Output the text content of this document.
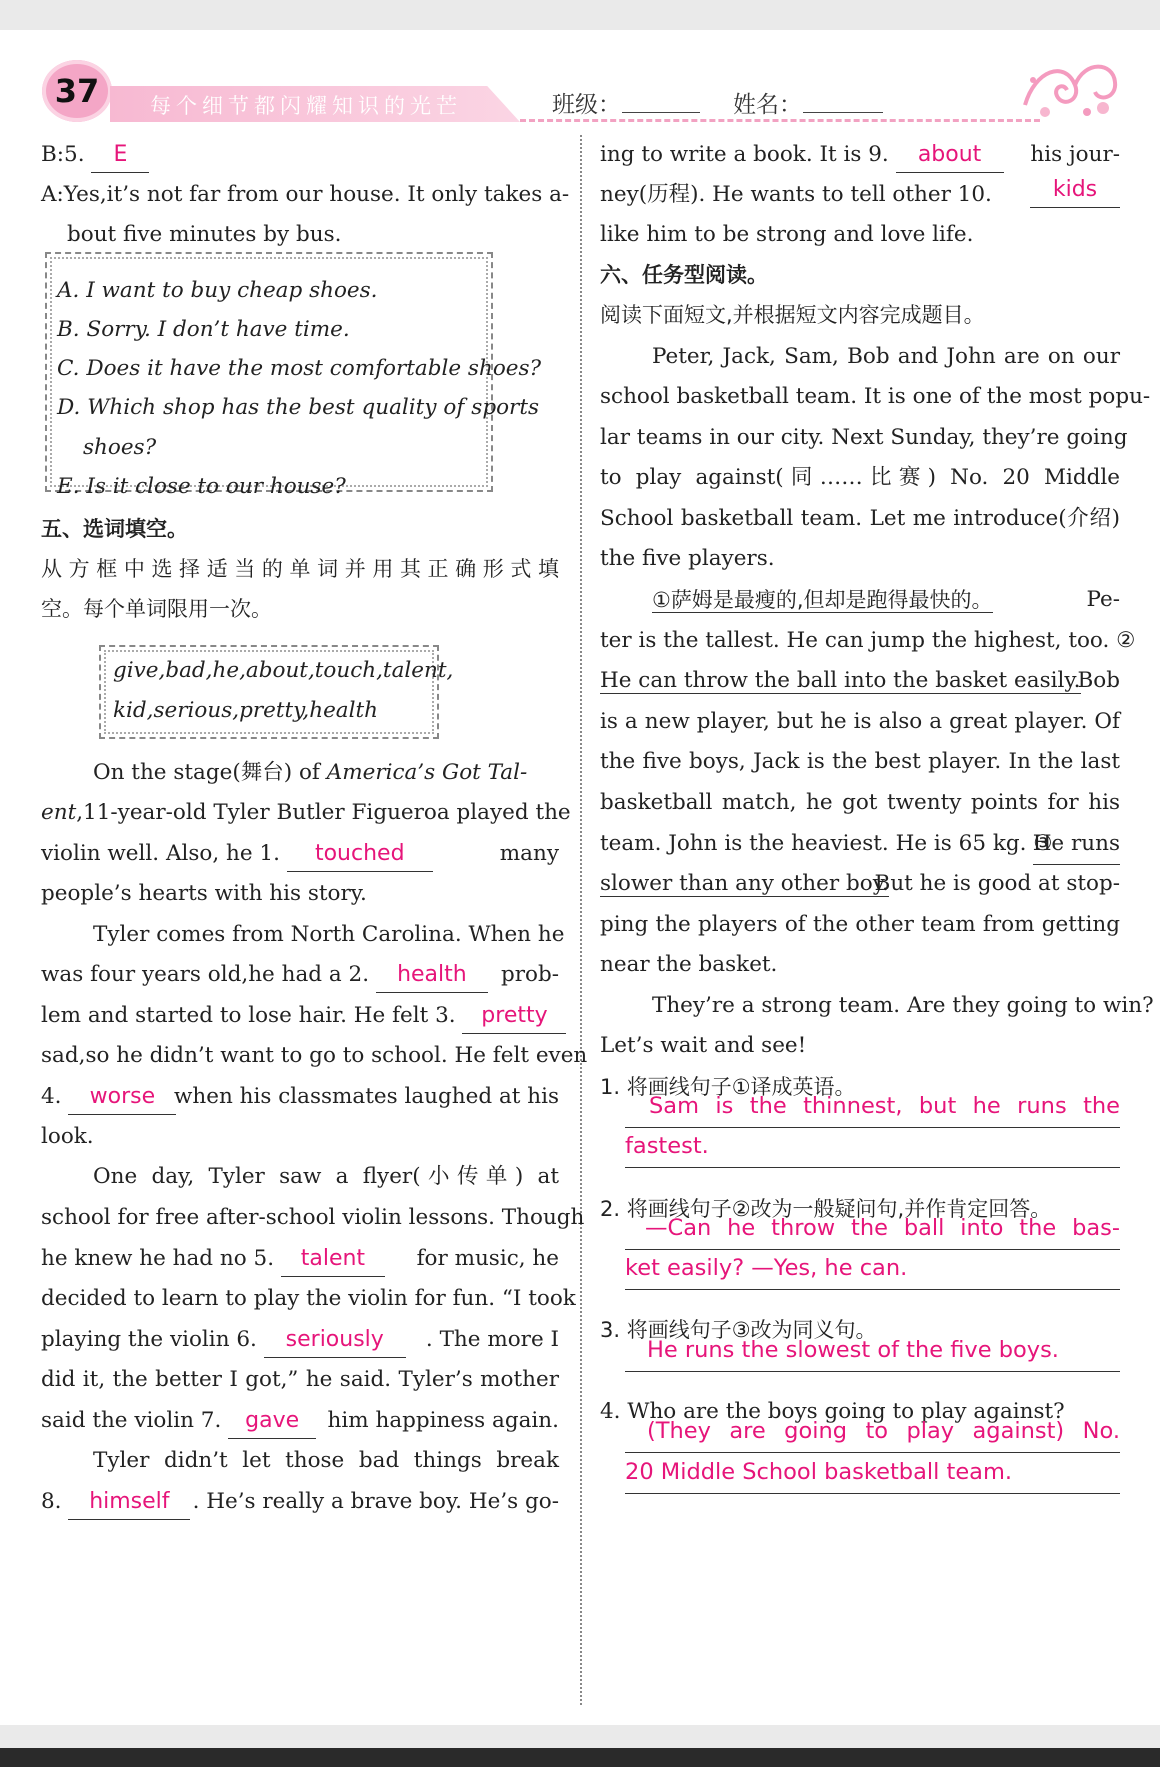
37	每个细节都闪耀知识的光芒	班级：	姓名：
B:5. E
A:Yes,it’s not far from our house. It only takes a-
bout five minutes by bus.
A. I want to buy cheap shoes.
B. Sorry. I don’t have time.
C. Does it have the most comfortable shoes?
D. Which shop has the best quality of sports
shoes?
E. Is it close to our house?
五、选词填空。
从方框中选择适当的单词并用其正确形式填
空。每个单词限用一次。
give,bad,he,about,touch,talent,
kid,serious,pretty,health
On the stage(舞台) of America’s Got Tal-
ent,11-year-old Tyler Butler Figueroa played the
violin well. Also, he 1. touched	many
people’s hearts with his story.
Tyler comes from North Carolina. When he
was four years old,he had a 2. health prob-
lem and started to lose hair. He felt 3. pretty
sad,so he didn’t want to go to school. He felt even
4. worse when his classmates laughed at his
look.
One day, Tyler saw a flyer(小传单) at
school for free after-school violin lessons. Though
he knew he had no 5. talent for music, he
decided to learn to play the violin for fun. “I took
playing the violin 6. seriously . The more I
did it, the better I got,” he said. Tyler’s mother
said the violin 7. gave him happiness again.
Tyler didn’t let those bad things break
8. himself . He’s really a brave boy. He’s go-
ing to write a book. It is 9. about his jour-
ney(历程). He wants to tell other 10.	kids
like him to be strong and love life.
六、任务型阅读。
阅读下面短文,并根据短文内容完成题目。
Peter, Jack, Sam, Bob and John are on our
school basketball team. It is one of the most popu-
lar teams in our city. Next Sunday, they’re going
to play against(同……比赛) No. 20 Middle
School basketball team. Let me introduce(介绍)
the five players.
①萨姆是最瘦的,但却是跑得最快的。	Pe-
ter is the tallest. He can jump the highest, too. ②
He can throw the ball into the basket easily.
Bob
is a new player, but he is also a great player. Of
the five boys, Jack is the best player. In the last
basketball match, he got twenty points for his
team. John is the heaviest. He is 65 kg. ③
He runs
slower than any other boy.
But he is good at stop-
ping the players of the other team from getting
near the basket.
They’re a strong team. Are they going to win?
Let’s wait and see!
1. 将画线句子①译成英语。
Sam is the thinnest, but he runs the
fastest.
2. 将画线句子②改为一般疑问句,并作肯定回答。
—Can he throw the ball into the bas-
ket easily? —Yes, he can.
3. 将画线句子③改为同义句。
He runs the slowest of the five boys.
4. Who are the boys going to play against?
(They are going to play against) No.
20 Middle School basketball team.
